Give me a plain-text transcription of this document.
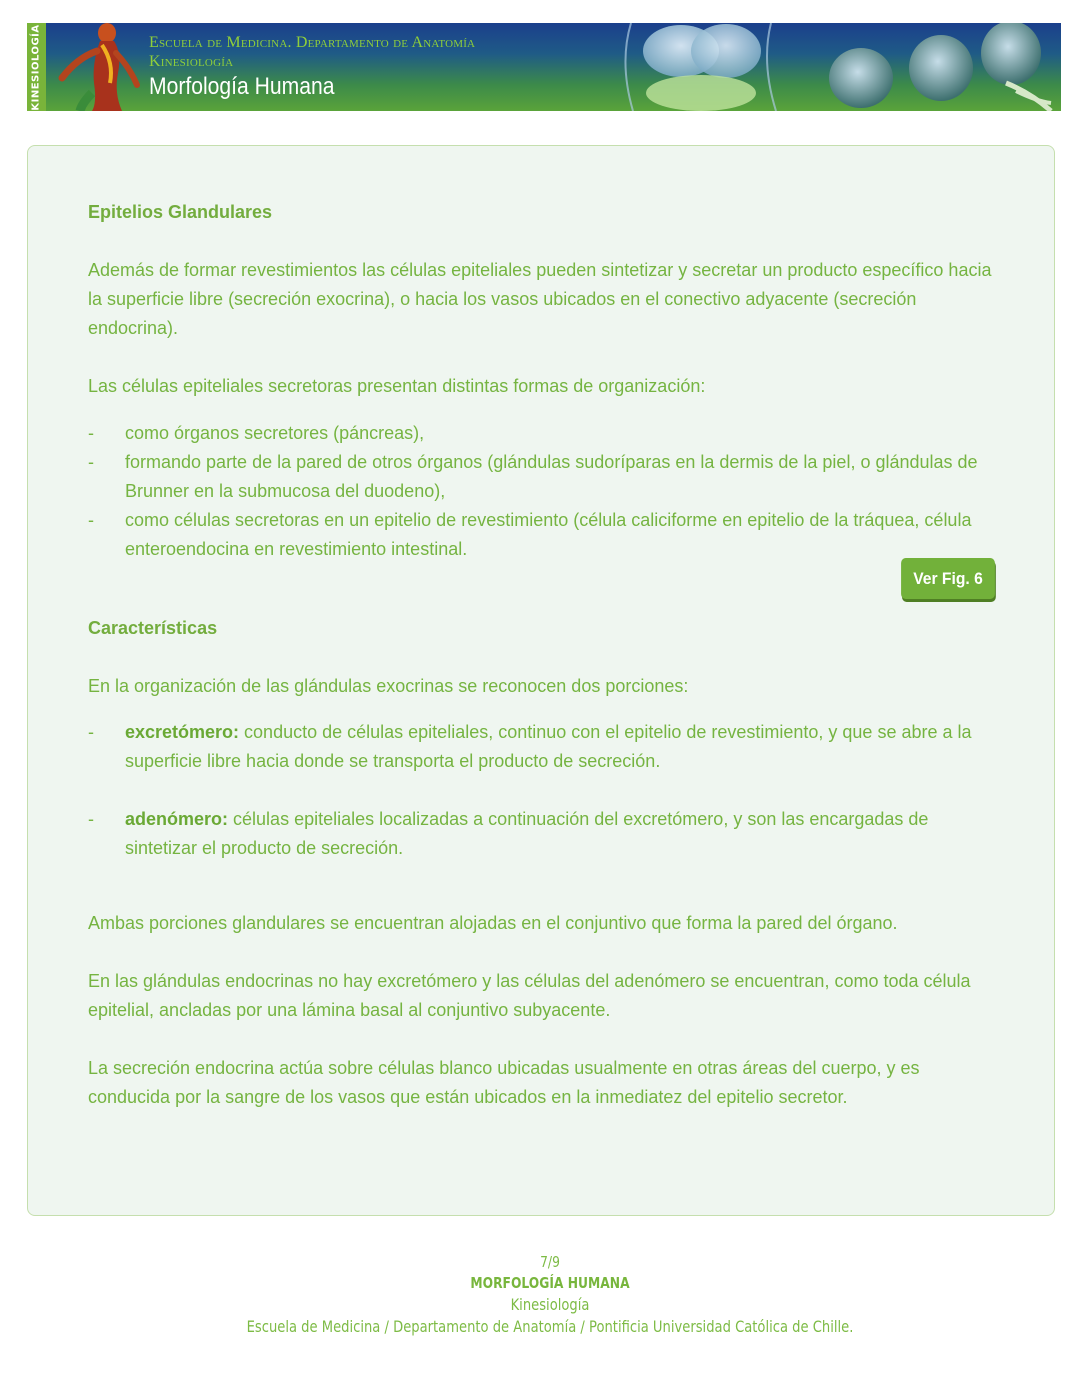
KINESIOLOGÍA	Escuela de Medicina. Departamento de Anatomía
Kinesiología
Morfología Humana
Epitelios Glandulares

Además de formar revestimientos las células epiteliales pueden sintetizar y secretar un producto específico hacia la superficie libre (secreción exocrina), o hacia los vasos ubicados en el conectivo adyacente (secreción endocrina).

Las células epiteliales secretoras presentan distintas formas de organización:

- como órganos secretores (páncreas),
- formando parte de la pared de otros órganos (glándulas sudoríparas en la dermis de la piel, o glándulas de Brunner en la submucosa del duodeno),
- como células secretoras en un epitelio de revestimiento (célula caliciforme en epitelio de la tráquea, célula enteroendocina en revestimiento intestinal.
Características

En la organización de las glándulas exocrinas se reconocen dos porciones:

- excretómero: conducto de células epiteliales, continuo con el epitelio de revestimiento, y que se abre a la superficie libre hacia donde se transporta el producto de secreción.
- adenómero: células epiteliales localizadas a continuación del excretómero, y son las encargadas de sintetizar el producto de secreción.

Ambas porciones glandulares se encuentran alojadas en el conjuntivo que forma la pared del órgano.

En las glándulas endocrinas no hay excretómero y las células del adenómero se encuentran, como toda célula epitelial, ancladas por una lámina basal al conjuntivo subyacente.

La secreción endocrina actúa sobre células blanco ubicadas usualmente en otras áreas del cuerpo, y es conducida por la sangre de los vasos que están ubicados en la inmediatez del epitelio secretor.

Ver Fig. 6
7/9
MORFOLOGÍA HUMANA
Kinesiología
Escuela de Medicina / Departamento de Anatomía / Pontificia Universidad Católica de Chille.
